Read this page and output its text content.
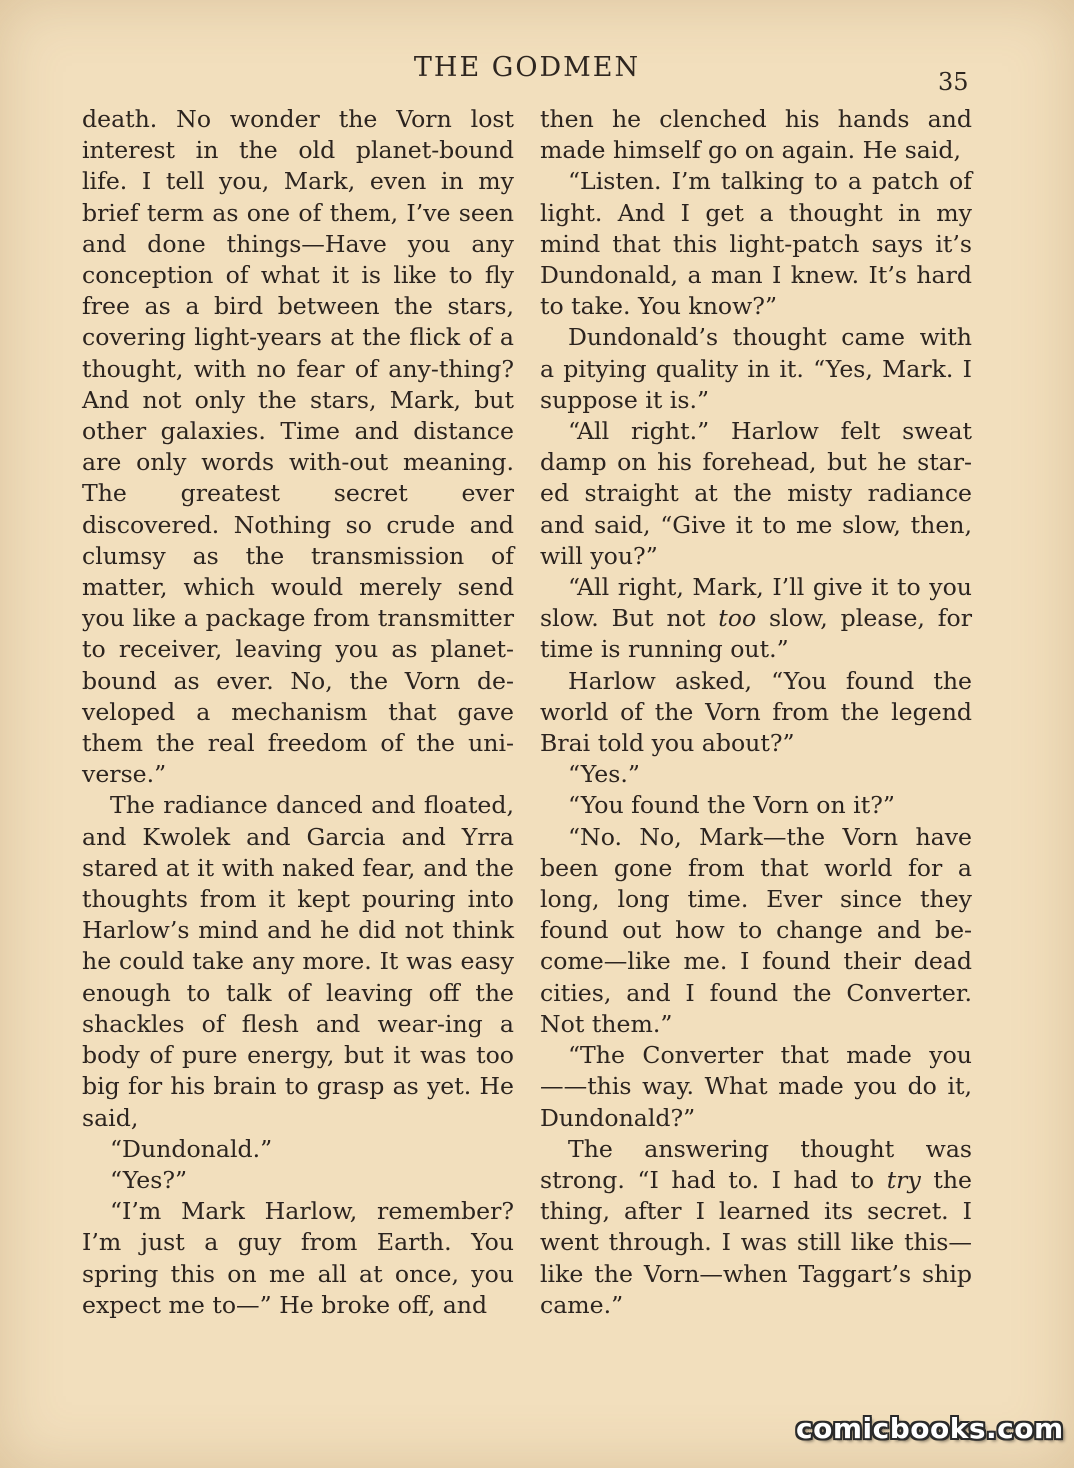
THE GODMEN	35

death. No wonder the Vorn lost interest in the old planet-bound life. I tell you, Mark, even in my brief term as one of them, I’ve seen and done things—Have you any conception of what it is like to fly free as a bird between the stars, covering light-years at the flick of a thought, with no fear of any-thing? And not only the stars, Mark, but other galaxies. Time and distance are only words with-out meaning. The greatest secret ever discovered. Nothing so crude and clumsy as the transmission of matter, which would merely send you like a package from transmitter to receiver, leaving you as planet-bound as ever. No, the Vorn de-veloped a mechanism that gave them the real freedom of the uni-verse.”

The radiance danced and floated, and Kwolek and Garcia and Yrra stared at it with naked fear, and the thoughts from it kept pouring into Harlow’s mind and he did not think he could take any more. It was easy enough to talk of leaving off the shackles of flesh and wear-ing a body of pure energy, but it was too big for his brain to grasp as yet. He said,

“Dundonald.”

“Yes?”

“I’m Mark Harlow, remember? I’m just a guy from Earth. You spring this on me all at once, you expect me to—” He broke off, and

then he clenched his hands and made himself go on again. He said,

“Listen. I’m talking to a patch of light. And I get a thought in my mind that this light-patch says it’s Dundonald, a man I knew. It’s hard to take. You know?”

Dundonald’s thought came with a pitying quality in it. “Yes, Mark. I suppose it is.”

“All right.” Harlow felt sweat damp on his forehead, but he star-ed straight at the misty radiance and said, “Give it to me slow, then, will you?”

“All right, Mark, I’ll give it to you slow. But not too slow, please, for time is running out.”

Harlow asked, “You found the world of the Vorn from the legend Brai told you about?”

“Yes.”

“You found the Vorn on it?”

“No. No, Mark—the Vorn have been gone from that world for a long, long time. Ever since they found out how to change and be-come—like me. I found their dead cities, and I found the Converter. Not them.”

“The Converter that made you ——this way. What made you do it, Dundonald?”

The answering thought was strong. “I had to. I had to try the thing, after I learned its secret. I went through. I was still like this—like the Vorn—when Taggart’s ship came.”

comicbooks.com
